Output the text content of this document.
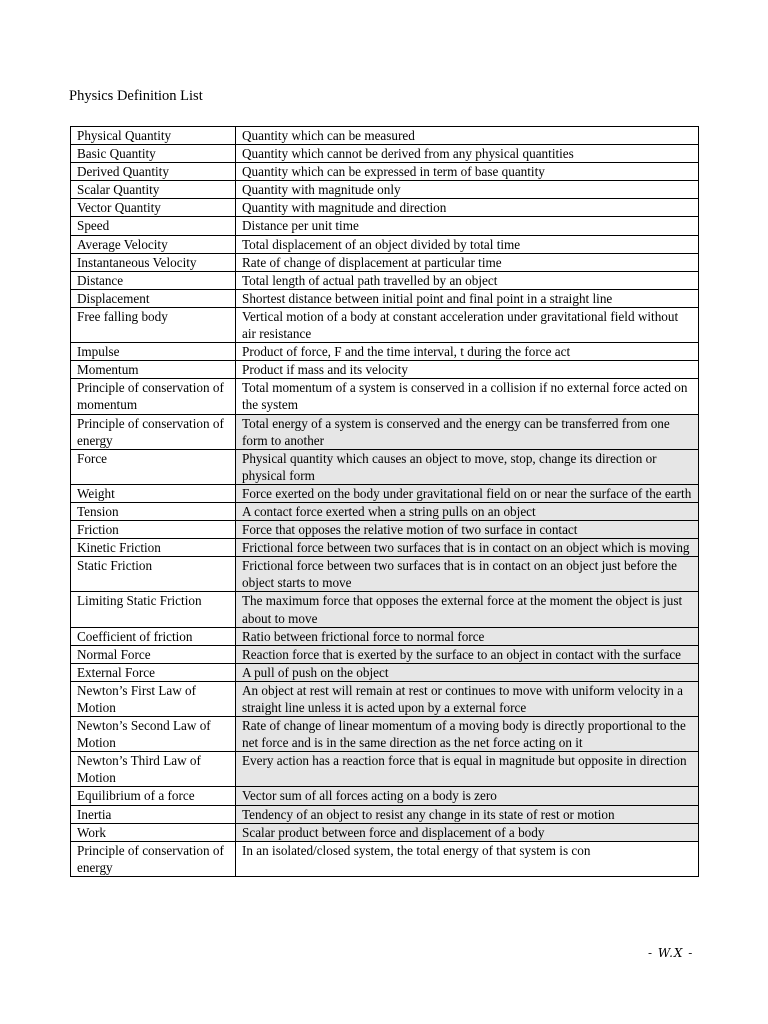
Physics Definition List
Physical Quantity	Quantity which can be measured
Basic Quantity	Quantity which cannot be derived from any physical quantities
Derived Quantity	Quantity which can be expressed in term of base quantity
Scalar Quantity	Quantity with magnitude only
Vector Quantity	Quantity with magnitude and direction
Speed	Distance per unit time
Average Velocity	Total displacement of an object divided by total time
Instantaneous Velocity	Rate of change of displacement at particular time
Distance	Total length of actual path travelled by an object
Displacement	Shortest distance between initial point and final point in a straight line
Free falling body	Vertical motion of a body at constant acceleration under gravitational field without air resistance
Impulse	Product of force, F and the time interval, t during the force act
Momentum	Product if mass and its velocity
Principle of conservation of momentum	Total momentum of a system is conserved in a collision if no external force acted on the system
Principle of conservation of energy	Total energy of a system is conserved and the energy can be transferred from one form to another
Force	Physical quantity which causes an object to move, stop, change its direction or physical form
Weight	Force exerted on the body under gravitational field on or near the surface of the earth
Tension	A contact force exerted when a string pulls on an object
Friction	Force that opposes the relative motion of two surface in contact
Kinetic Friction	Frictional force between two surfaces that is in contact on an object which is moving
Static Friction	Frictional force between two surfaces that is in contact on an object just before the object starts to move
Limiting Static Friction	The maximum force that opposes the external force at the moment the object is just about to move
Coefficient of friction	Ratio between frictional force to normal force
Normal Force	Reaction force that is exerted by the surface to an object in contact with the surface
External Force	A pull of push on the object
Newton’s First Law of Motion	An object at rest will remain at rest or continues to move with uniform velocity in a straight line unless it is acted upon by a external force
Newton’s Second Law of Motion	Rate of change of linear momentum of a moving body is directly proportional to the net force and is in the same direction as the net force acting on it
Newton’s Third Law of Motion	Every action has a reaction force that is equal in magnitude but opposite in direction
Equilibrium of a force	Vector sum of all forces acting on a body is zero
Inertia	Tendency of an object to resist any change in its state of rest or motion
Work	Scalar product between force and displacement of a body
Principle of conservation of energy	In an isolated/closed system, the total energy of that system is con
- W.X -
